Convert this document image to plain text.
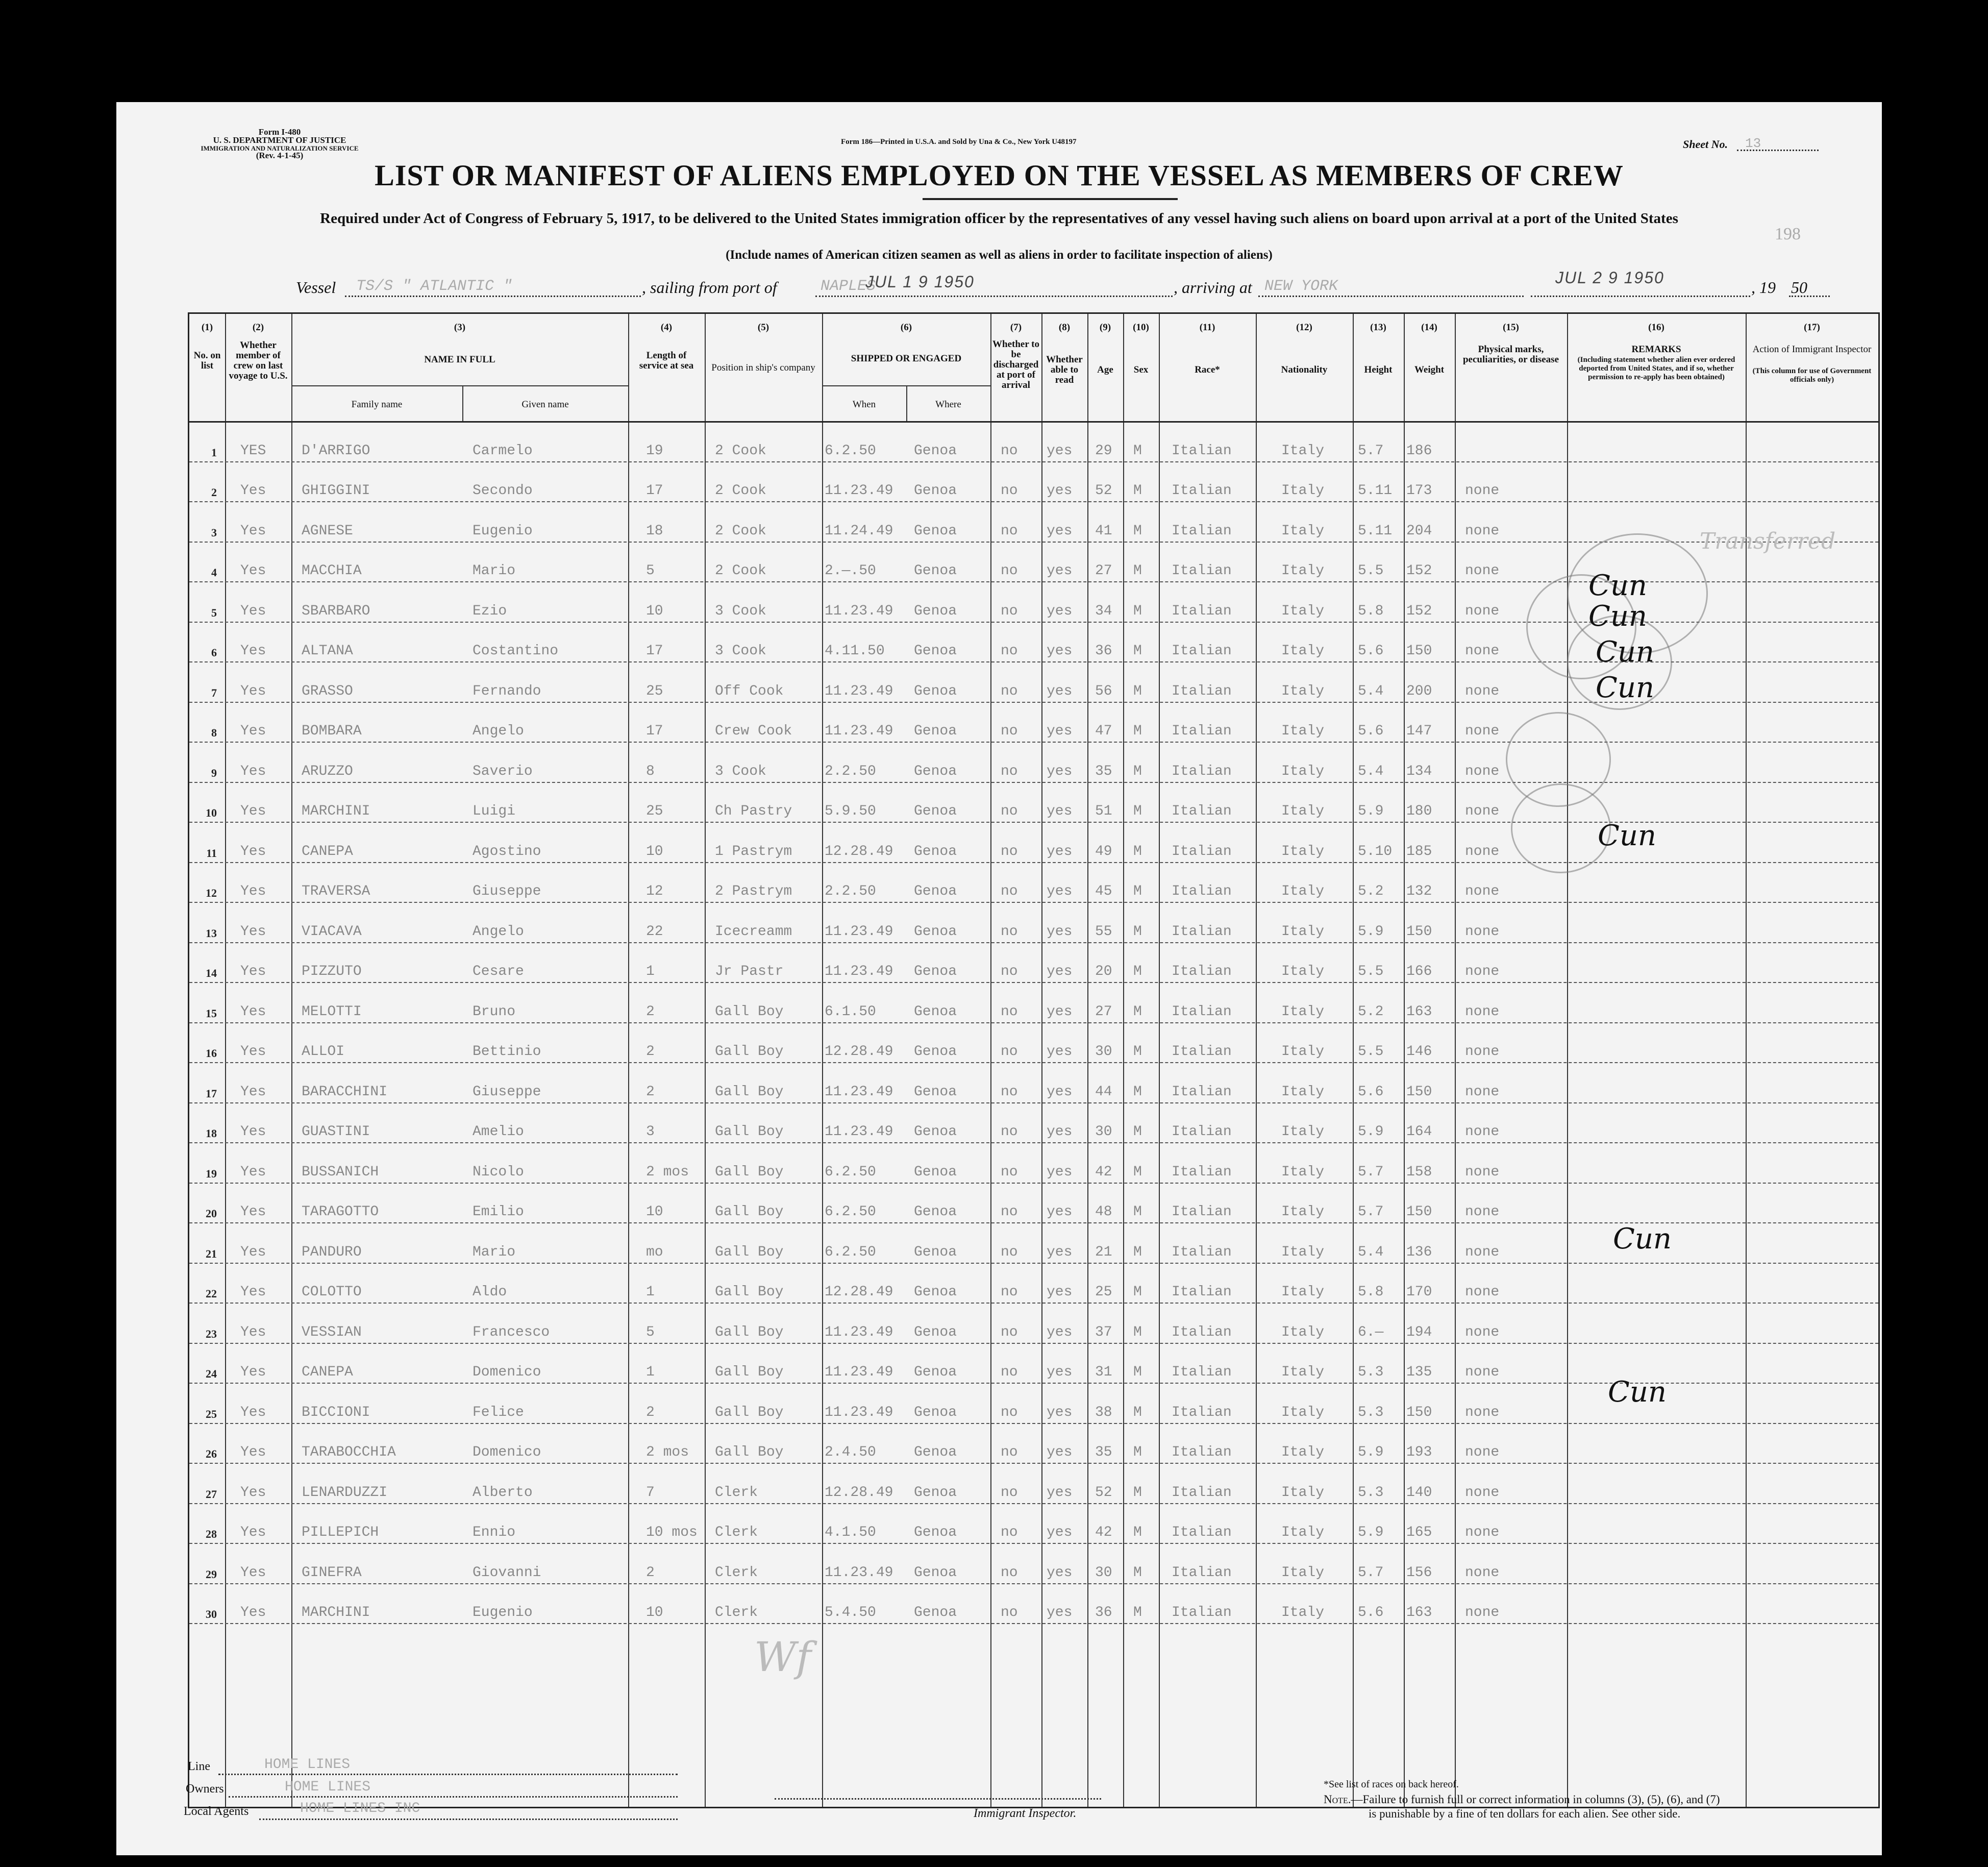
Form I-480
U. S. DEPARTMENT OF JUSTICE
IMMIGRATION AND NATURALIZATION SERVICE
(Rev. 4-1-45)
Form 186—Printed in U.S.A. and Sold by Una & Co., New York U48197	Sheet No. 13
LIST OR MANIFEST OF ALIENS EMPLOYED ON THE VESSEL AS MEMBERS OF CREW
Required under Act of Congress of February 5, 1917, to be delivered to the United States immigration officer by the representatives of any vessel having such aliens on board upon arrival at a port of the United States
(Include names of American citizen seamen as well as aliens in order to facilitate inspection of aliens)
198
Vessel TS/S " ATLANTIC "	, sailing from port of	NAPLES
JUL 1 9 1950	, arriving at NEW YORK	JUL 2 9 1950
, 19 50
(1)
No. on list
(2)
Whether member of crew on last voyage to U.S.
(3)
NAME IN FULL
Family name	Given name
(4)
Length of service at sea
(5)
Position in ship's company
(6)
SHIPPED OR ENGAGED
When	Where
(7)
Whether to be discharged at port of arrival
(8)
Whether able to read
(9)
Age
(10)
Sex
(11)
Race*
(12)
Nationality
(13)
Height
(14)
Weight
(15)
Physical marks, peculiarities, or disease
(16)
REMARKS
(Including statement whether alien ever ordered deported from United States, and if so, whether permission to re-apply has been obtained)
(17)
Action of Immigrant Inspector
(This column for use of Government officials only)
1 YES D'ARRIGO	Carmelo	19	2 Cook	6.2.50	Genoa	no yes 29 M Italian	Italy 5.7 186
2 Yes GHIGGINI	Secondo	17	2 Cook	11.23.49 Genoa	no yes 52 M Italian	Italy 5.11 173 none
3 Yes AGNESE	Eugenio	18	2 Cook	11.24.49 Genoa	no yes 41 M Italian	Italy 5.11 204 none
4 Yes MACCHIA	Mario	5	2 Cook	2.—.50	Genoa	no yes 27 M Italian	Italy 5.5 152 none
5 Yes SBARBARO	Ezio	10	3 Cook	11.23.49 Genoa	no yes 34 M Italian	Italy 5.8 152 none
6 Yes ALTANA	Costantino	17	3 Cook	4.11.50 Genoa	no yes 36 M Italian	Italy 5.6 150 none
7 Yes GRASSO	Fernando	25	Off Cook	11.23.49 Genoa	no yes 56 M Italian	Italy 5.4 200 none
8 Yes BOMBARA	Angelo	17	Crew Cook 11.23.49 Genoa	no yes 47 M Italian	Italy 5.6 147 none
9 Yes ARUZZO	Saverio	8	3 Cook	2.2.50	Genoa	no yes 35 M Italian	Italy 5.4 134 none
10 Yes MARCHINI	Luigi	25	Ch Pastry 5.9.50	Genoa	no yes 51 M Italian	Italy 5.9 180 none
11 Yes CANEPA	Agostino	10	1 Pastrym 12.28.49 Genoa	no yes 49 M Italian	Italy 5.10 185 none
12 Yes TRAVERSA	Giuseppe	12	2 Pastrym 2.2.50	Genoa	no yes 45 M Italian	Italy 5.2 132 none
13 Yes VIACAVA	Angelo	22	Icecreamm 11.23.49 Genoa	no yes 55 M Italian	Italy 5.9 150 none
14 Yes PIZZUTO	Cesare	1	Jr Pastr	11.23.49 Genoa	no yes 20 M Italian	Italy 5.5 166 none
15 Yes MELOTTI	Bruno	2	Gall Boy	6.1.50	Genoa	no yes 27 M Italian	Italy 5.2 163 none
16 Yes ALLOI	Bettinio	2	Gall Boy	12.28.49 Genoa	no yes 30 M Italian	Italy 5.5 146 none
17 Yes BARACCHINI	Giuseppe	2	Gall Boy	11.23.49 Genoa	no yes 44 M Italian	Italy 5.6 150 none
18 Yes GUASTINI	Amelio	3	Gall Boy	11.23.49 Genoa	no yes 30 M Italian	Italy 5.9 164 none
19 Yes BUSSANICH	Nicolo	2 mos Gall Boy	6.2.50	Genoa	no yes 42 M Italian	Italy 5.7 158 none
20 Yes TARAGOTTO	Emilio	10	Gall Boy	6.2.50	Genoa	no yes 48 M Italian	Italy 5.7 150 none
21 Yes PANDURO	Mario	mo	Gall Boy	6.2.50	Genoa	no yes 21 M Italian	Italy 5.4 136 none
22 Yes COLOTTO	Aldo	1	Gall Boy	12.28.49 Genoa	no yes 25 M Italian	Italy 5.8 170 none
23 Yes VESSIAN	Francesco	5	Gall Boy	11.23.49 Genoa	no yes 37 M Italian	Italy 6.— 194 none
24 Yes CANEPA	Domenico	1	Gall Boy	11.23.49 Genoa	no yes 31 M Italian	Italy 5.3 135 none
25 Yes BICCIONI	Felice	2	Gall Boy	11.23.49 Genoa	no yes 38 M Italian	Italy 5.3 150 none
26 Yes TARABOCCHIA	Domenico	2 mos Gall Boy	2.4.50	Genoa	no yes 35 M Italian	Italy 5.9 193 none
27 Yes LENARDUZZI	Alberto	7	Clerk	12.28.49 Genoa	no yes 52 M Italian	Italy 5.3 140 none
28 Yes PILLEPICH	Ennio	10 mos Clerk	4.1.50	Genoa	no yes 42 M Italian	Italy 5.9 165 none
29 Yes GINEFRA	Giovanni	2	Clerk	11.23.49 Genoa	no yes 30 M Italian	Italy 5.7 156 none
30 Yes MARCHINI	Eugenio	10	Clerk	5.4.50	Genoa	no yes 36 M Italian	Italy 5.6 163 none
Cun
Cun
Cun
Cun
Cun
Cun
Cun
Transferred
Line	HOME LINES
Owners	HOME LINES
Local Agents	HOME LINES INC	Immigrant Inspector.
Wf
*See list of races on back hereof.
Note.—Failure to furnish full or correct information in columns (3), (5), (6), and (7)
is punishable by a fine of ten dollars for each alien. See other side.
